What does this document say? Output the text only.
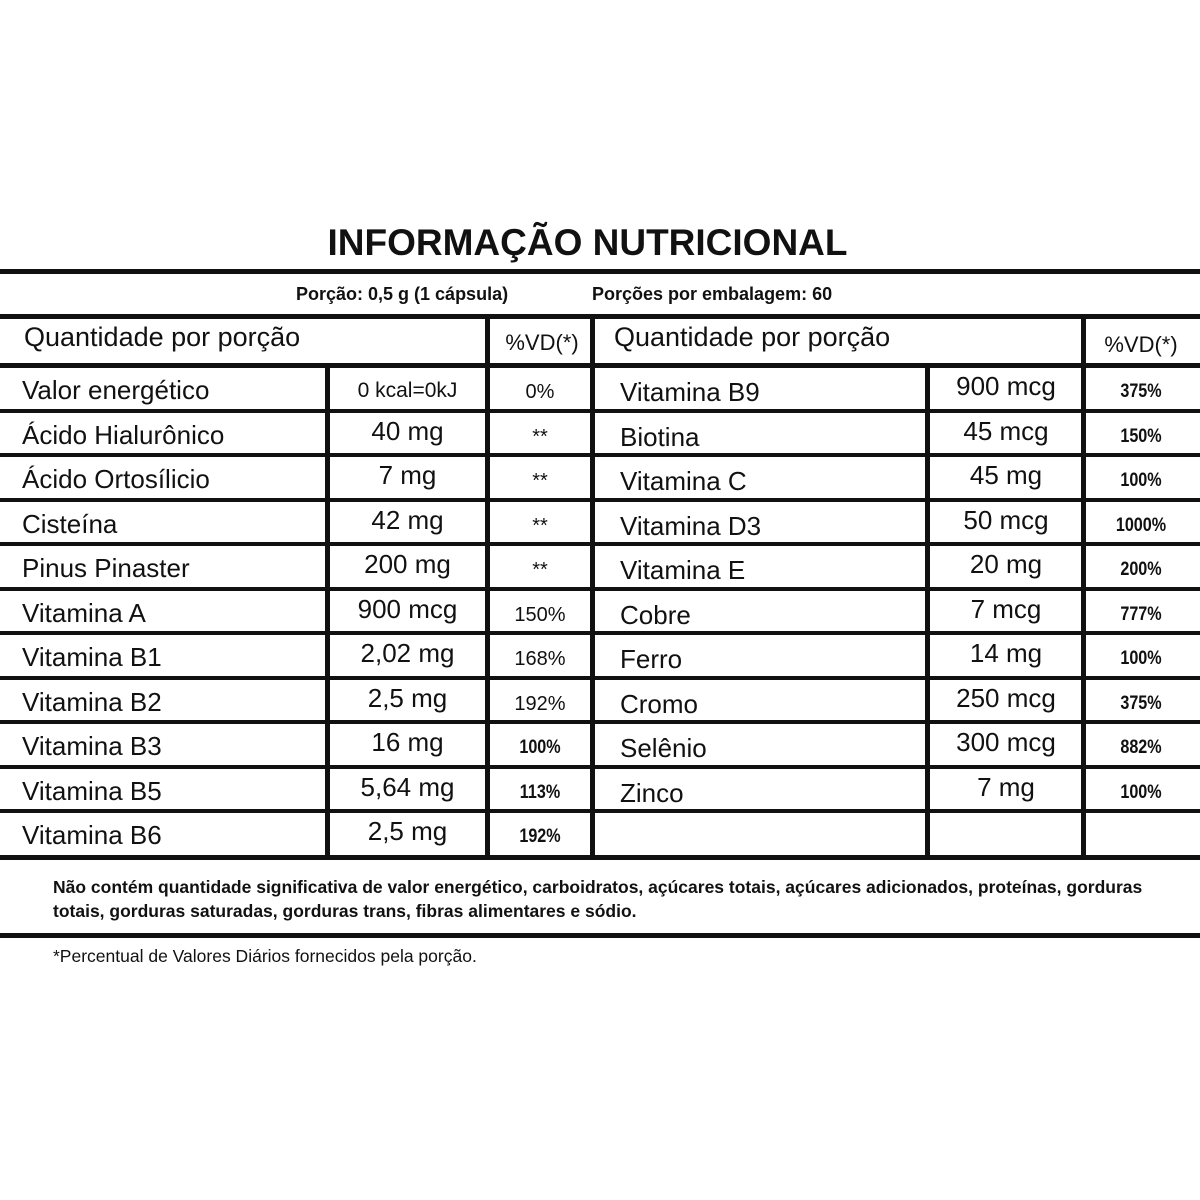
INFORMAÇÃO NUTRICIONAL
Porção: 0,5 g (1 cápsula)	Porções por embalagem: 60
Quantidade por porção	%VD(*)	Quantidade por porção	%VD(*)
Valor energético	0 kcal=0kJ	0%
Ácido Hialurônico	40 mg	**
Ácido Ortosílicio	7 mg	**
Cisteína	42 mg	**
Pinus Pinaster	200 mg	**
Vitamina A	900 mcg	150%
Vitamina B1	2,02 mg	168%
Vitamina B2	2,5 mg	192%
Vitamina B3	16 mg	100%
Vitamina B5	5,64 mg	113%
Vitamina B6	2,5 mg	192%
Vitamina B9	900 mcg	375%
Biotina	45 mcg	150%
Vitamina C	45 mg	100%
Vitamina D3	50 mcg	1000%
Vitamina E	20 mg	200%
Cobre	7 mcg	777%
Ferro	14 mg	100%
Cromo	250 mcg	375%
Selênio	300 mcg	882%
Zinco	7 mg	100%
Não contém quantidade significativa de valor energético, carboidratos, açúcares totais, açúcares adicionados, proteínas, gorduras totais, gorduras saturadas, gorduras trans, fibras alimentares e sódio.
*Percentual de Valores Diários fornecidos pela porção.
